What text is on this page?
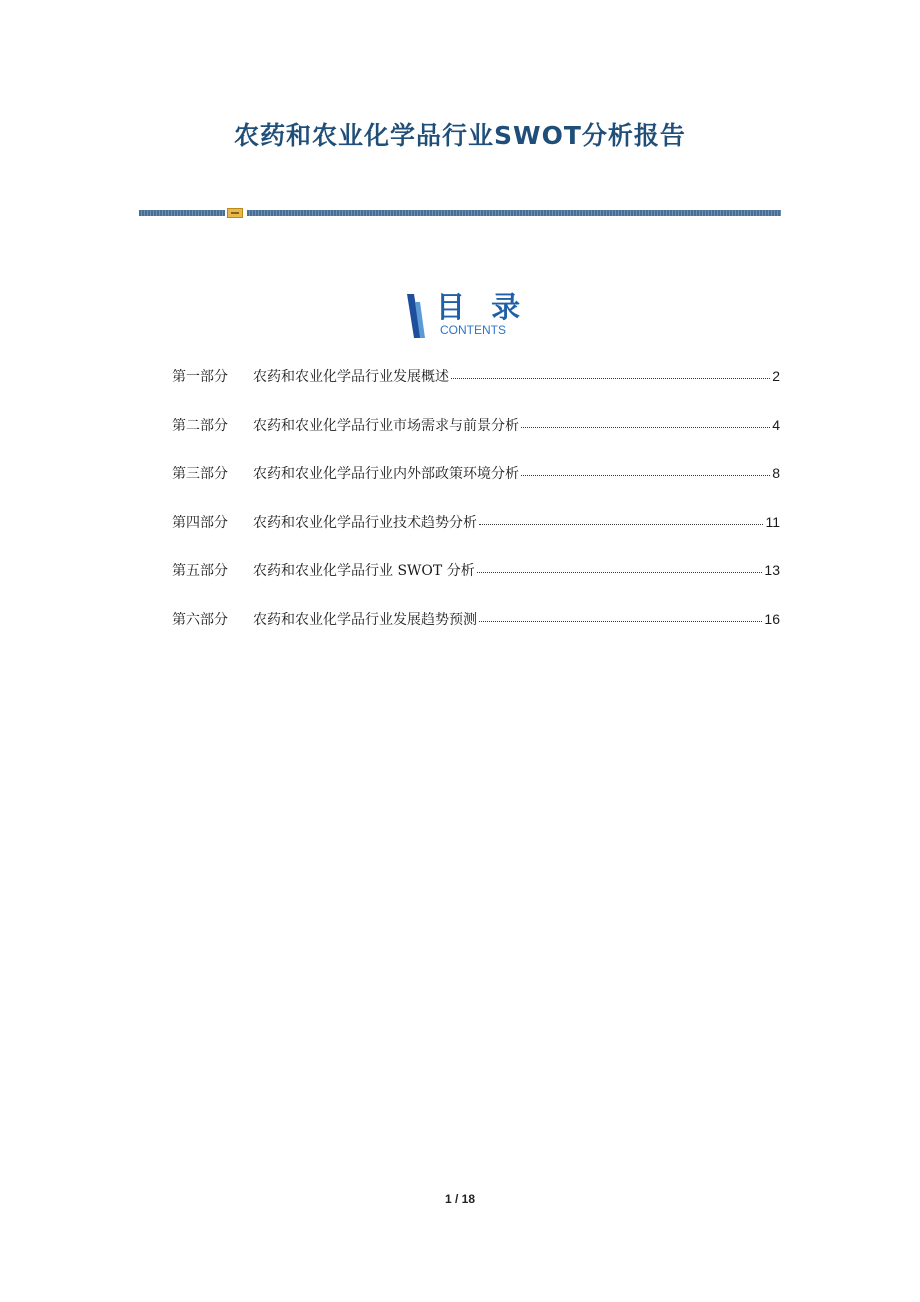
农药和农业化学品行业SWOT分析报告
目 录
CONTENTS
第一部分	农药和农业化学品行业发展概述	2
第二部分	农药和农业化学品行业市场需求与前景分析	4
第三部分	农药和农业化学品行业内外部政策环境分析	8
第四部分	农药和农业化学品行业技术趋势分析	11
第五部分	农药和农业化学品行业 SWOT 分析	13
第六部分	农药和农业化学品行业发展趋势预测	16
1 / 18
